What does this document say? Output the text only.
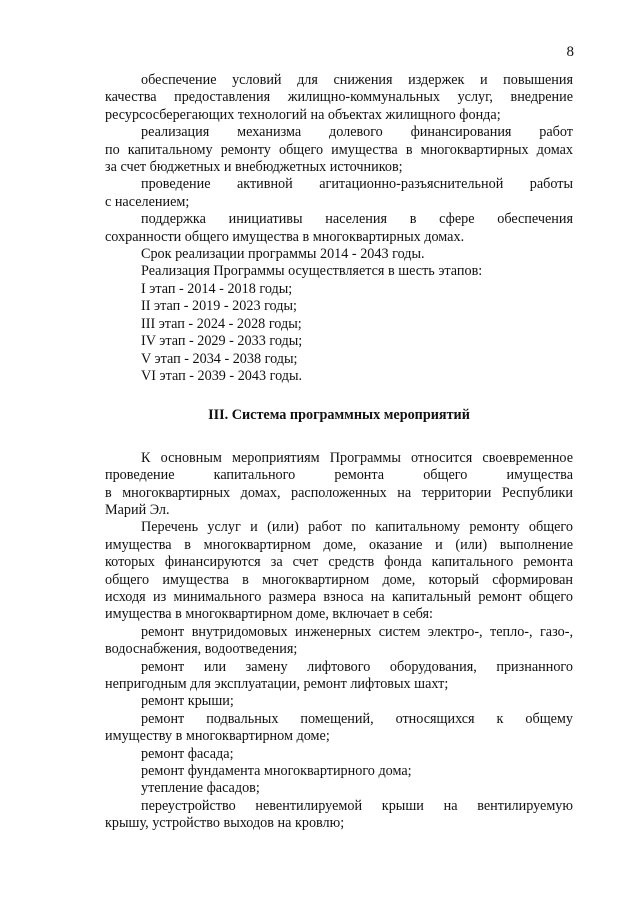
8
обеспечение условий для снижения издержек и повышения
качества предоставления жилищно-коммунальных услуг, внедрение
ресурсосберегающих технологий на объектах жилищного фонда;
реализация механизма долевого финансирования работ
по капитальному ремонту общего имущества в многоквартирных домах
за счет бюджетных и внебюджетных источников;
проведение активной агитационно-разъяснительной работы
с населением;
поддержка инициативы населения в сфере обеспечения
сохранности общего имущества в многоквартирных домах.
Срок реализации программы 2014 - 2043 годы.
Реализация Программы осуществляется в шесть этапов:
I этап - 2014 - 2018 годы;
II этап - 2019 - 2023 годы;
III этап - 2024 - 2028 годы;
IV этап - 2029 - 2033 годы;
V этап - 2034 - 2038 годы;
VI этап - 2039 - 2043 годы.
III. Система программных мероприятий
К основным мероприятиям Программы относится своевременное
проведение капитального ремонта общего имущества
в многоквартирных домах, расположенных на территории Республики
Марий Эл.
Перечень услуг и (или) работ по капитальному ремонту общего
имущества в многоквартирном доме, оказание и (или) выполнение
которых финансируются за счет средств фонда капитального ремонта
общего имущества в многоквартирном доме, который сформирован
исходя из минимального размера взноса на капитальный ремонт общего
имущества в многоквартирном доме, включает в себя:
ремонт внутридомовых инженерных систем электро-, тепло-, газо-,
водоснабжения, водоотведения;
ремонт или замену лифтового оборудования, признанного
непригодным для эксплуатации, ремонт лифтовых шахт;
ремонт крыши;
ремонт подвальных помещений, относящихся к общему
имуществу в многоквартирном доме;
ремонт фасада;
ремонт фундамента многоквартирного дома;
утепление фасадов;
переустройство невентилируемой крыши на вентилируемую
крышу, устройство выходов на кровлю;
